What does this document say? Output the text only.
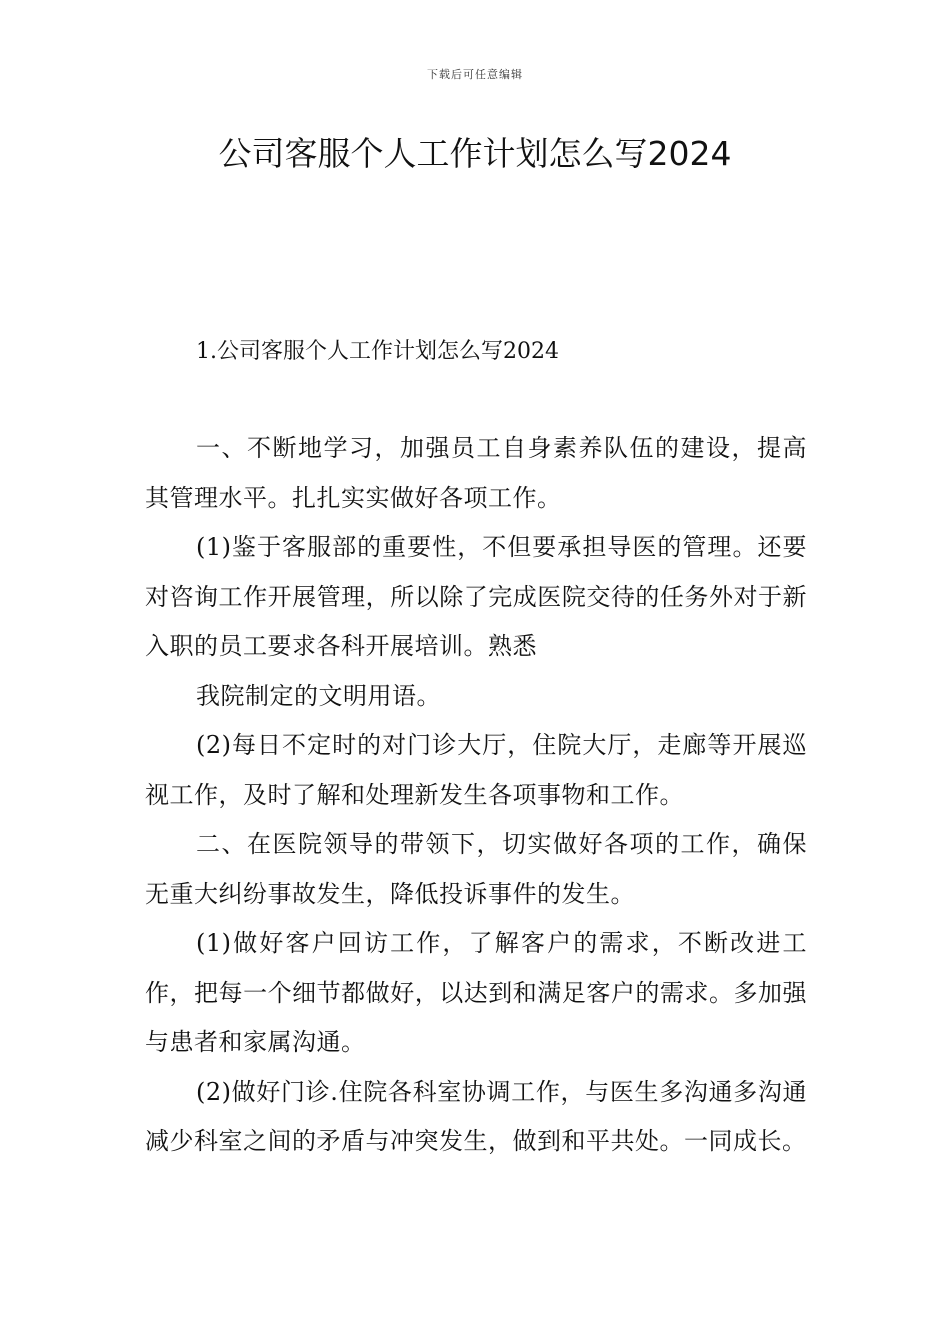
下载后可任意编辑
公司客服个人工作计划怎么写2024
1.公司客服个人工作计划怎么写2024

一、不断地学习，加强员工自身素养队伍的建设，提高其管理水平。扎扎实实做好各项工作。

(1)鉴于客服部的重要性，不但要承担导医的管理。还要对咨询工作开展管理，所以除了完成医院交待的任务外对于新入职的员工要求各科开展培训。熟悉

我院制定的文明用语。

(2)每日不定时的对门诊大厅，住院大厅，走廊等开展巡视工作，及时了解和处理新发生各项事物和工作。

二、在医院领导的带领下，切实做好各项的工作，确保无重大纠纷事故发生，降低投诉事件的发生。

(1)做好客户回访工作，了解客户的需求，不断改进工作，把每一个细节都做好，以达到和满足客户的需求。多加强与患者和家属沟通。

(2)做好门诊.住院各科室协调工作，与医生多沟通多沟通减少科室之间的矛盾与冲突发生，做到和平共处。一同成长。
